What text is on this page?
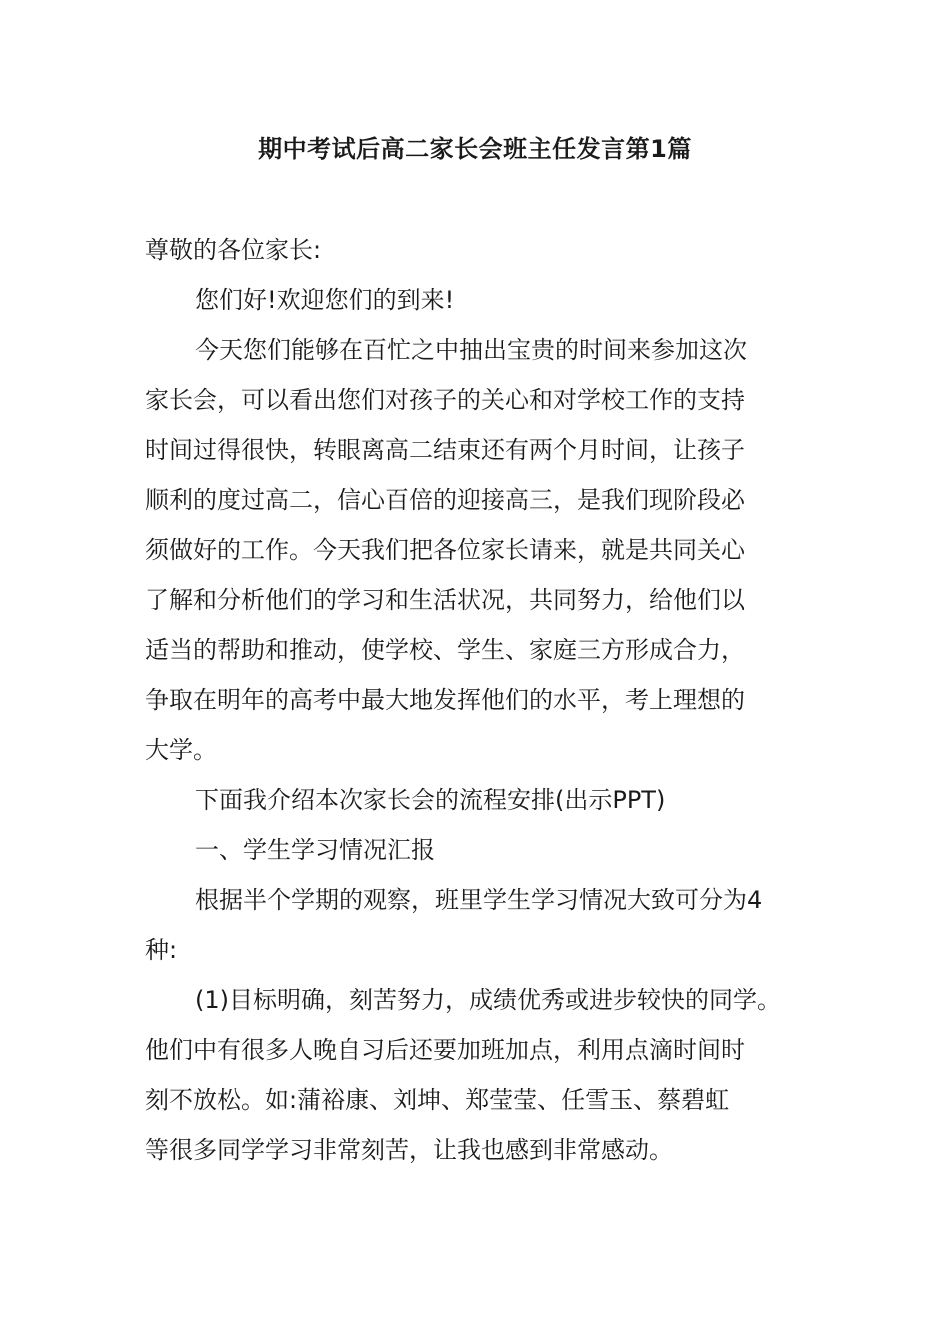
期中考试后高二家长会班主任发言第1篇

尊敬的各位家长:

您们好!欢迎您们的到来!

今天您们能够在百忙之中抽出宝贵的时间来参加这次

家长会，可以看出您们对孩子的关心和对学校工作的支持

时间过得很快，转眼离高二结束还有两个月时间，让孩子

顺利的度过高二，信心百倍的迎接高三，是我们现阶段必

须做好的工作。今天我们把各位家长请来，就是共同关心

了解和分析他们的学习和生活状况，共同努力，给他们以

适当的帮助和推动，使学校、学生、家庭三方形成合力，

争取在明年的高考中最大地发挥他们的水平，考上理想的

大学。

下面我介绍本次家长会的流程安排(出示PPT)

一、学生学习情况汇报

根据半个学期的观察，班里学生学习情况大致可分为4

种:

(1)目标明确，刻苦努力，成绩优秀或进步较快的同学。

他们中有很多人晚自习后还要加班加点，利用点滴时间时

刻不放松。如:蒲裕康、刘坤、郑莹莹、任雪玉、蔡碧虹

等很多同学学习非常刻苦，让我也感到非常感动。
